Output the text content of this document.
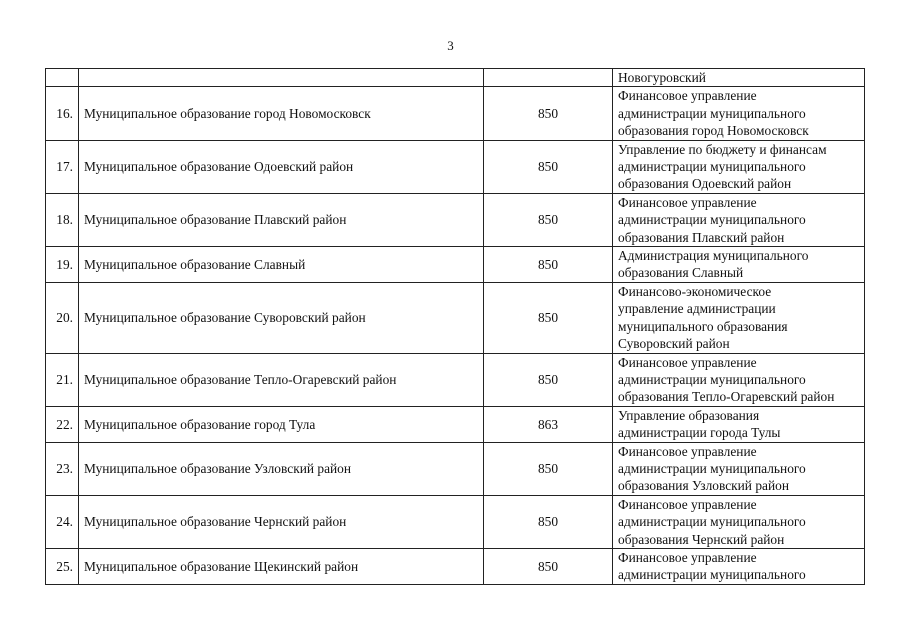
3

			Новогуровский

16.	Муниципальное образование город Новомосковск	850	Финансовое управление
администрации муниципального
образования город Новомосковск

17.	Муниципальное образование Одоевский район	850	Управление по бюджету и финансам
администрации муниципального
образования Одоевский район

18.	Муниципальное образование Плавский район	850	Финансовое управление
администрации муниципального
образования Плавский район

19.	Муниципальное образование Славный	850	Администрация муниципального
образования Славный

20.	Муниципальное образование Суворовский район	850	Финансово-экономическое
управление администрации
муниципального образования
Суворовский район

21.	Муниципальное образование Тепло-Огаревский район	850	Финансовое управление
администрации муниципального
образования Тепло-Огаревский район

22.	Муниципальное образование город Тула	863	Управление образования
администрации города Тулы

23.	Муниципальное образование Узловский район	850	Финансовое управление
администрации муниципального
образования Узловский район

24.	Муниципальное образование Чернский район	850	Финансовое управление
администрации муниципального
образования Чернский район

25.	Муниципальное образование Щекинский район	850	Финансовое управление
администрации муниципального
